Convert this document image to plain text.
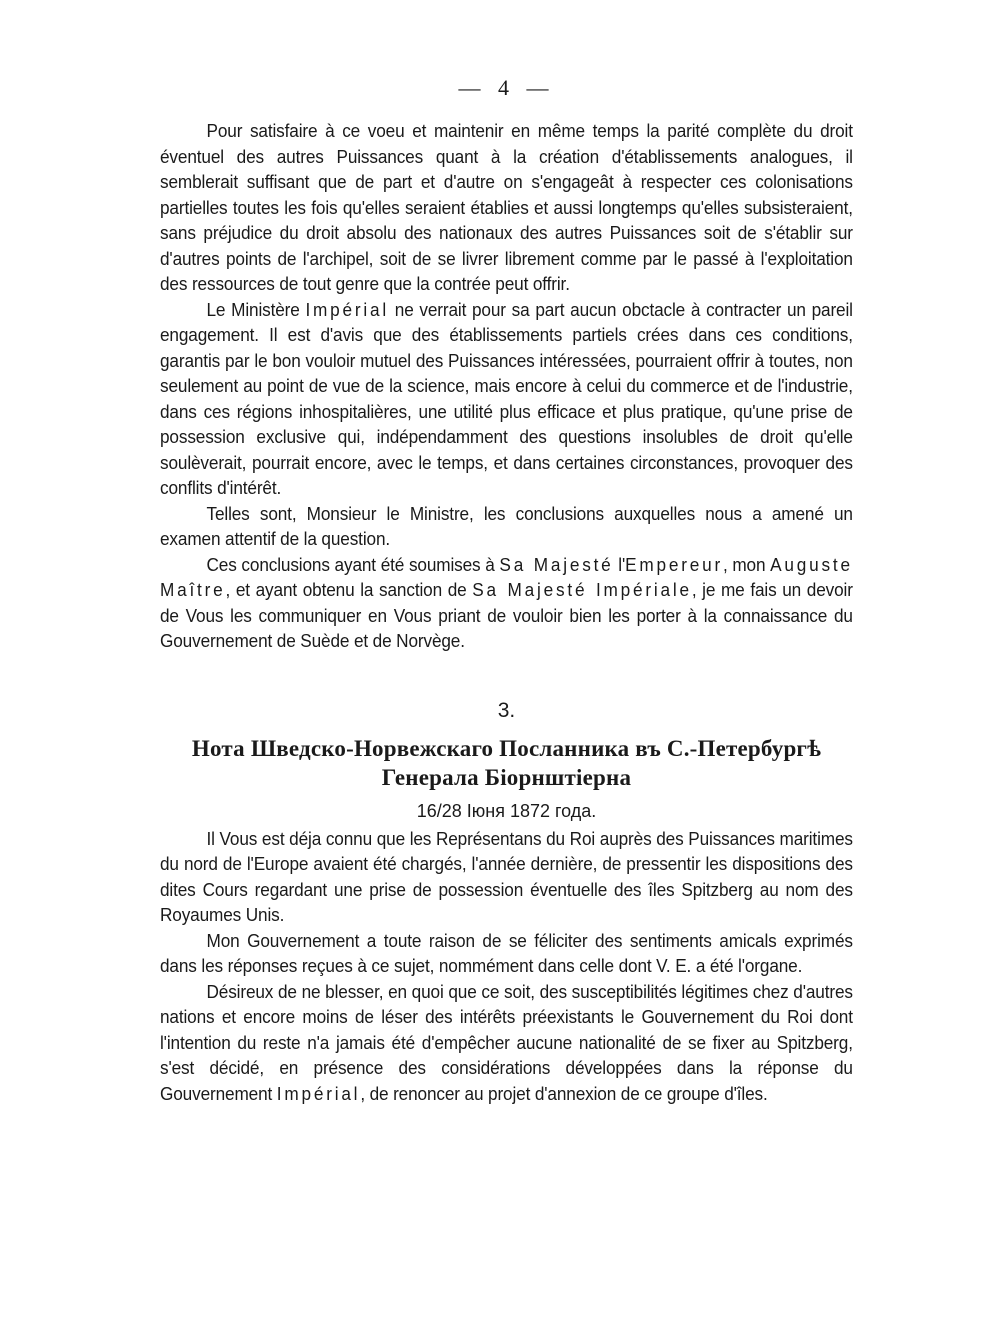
— 4 —

Pour satisfaire à ce voeu et maintenir en même temps la parité complète du droit éventuel des autres Puissances quant à la création d'établissements analogues, il semblerait suffisant que de part et d'autre on s'engageât à respecter ces colonisations partielles toutes les fois qu'elles seraient établies et aussi longtemps qu'elles subsisteraient, sans préjudice du droit absolu des nationaux des autres Puissances soit de s'établir sur d'autres points de l'archipel, soit de se livrer librement comme par le passé à l'exploitation des ressources de tout genre que la contrée peut offrir.

Le Ministère Impérial ne verrait pour sa part aucun obctacle à contracter un pareil engagement. Il est d'avis que des établissements partiels crées dans ces conditions, garantis par le bon vouloir mutuel des Puissances intéressées, pourraient offrir à toutes, non seulement au point de vue de la science, mais encore à celui du commerce et de l'industrie, dans ces régions inhospitalières, une utilité plus efficace et plus pratique, qu'une prise de possession exclusive qui, indépendamment des questions insolubles de droit qu'elle soulèverait, pourrait encore, avec le temps, et dans certaines circonstances, provoquer des conflits d'intérêt.

Telles sont, Monsieur le Ministre, les conclusions auxquelles nous a amené un examen attentif de la question.

Ces conclusions ayant été soumises à Sa Majesté l'Empereur, mon Auguste Maître, et ayant obtenu la sanction de Sa Majesté Impériale, je me fais un devoir de Vous les communiquer en Vous priant de vouloir bien les porter à la connaissance du Gouvernement de Suède et de Norvège.

3.
Нота Шведско-Норвежскаго Посланника въ С.-Петербургѣ
Генерала Біорнштіерна
16/28 Іюня 1872 года.

Il Vous est déja connu que les Représentans du Roi auprès des Puissances maritimes du nord de l'Europe avaient été chargés, l'année dernière, de pressentir les dispositions des dites Cours regardant une prise de possession éventuelle des îles Spitzberg au nom des Royaumes Unis.

Mon Gouvernement a toute raison de se féliciter des sentiments amicals exprimés dans les réponses reçues à ce sujet, nommément dans celle dont V. E. a été l'organe.

Désireux de ne blesser, en quoi que ce soit, des susceptibilités légitimes chez d'autres nations et encore moins de léser des intérêts préexistants le Gouvernement du Roi dont l'intention du reste n'a jamais été d'empêcher aucune nationalité de se fixer au Spitzberg, s'est décidé, en présence des considérations développées dans la réponse du Gouvernement Impérial, de renoncer au projet d'annexion de ce groupe d'îles.
